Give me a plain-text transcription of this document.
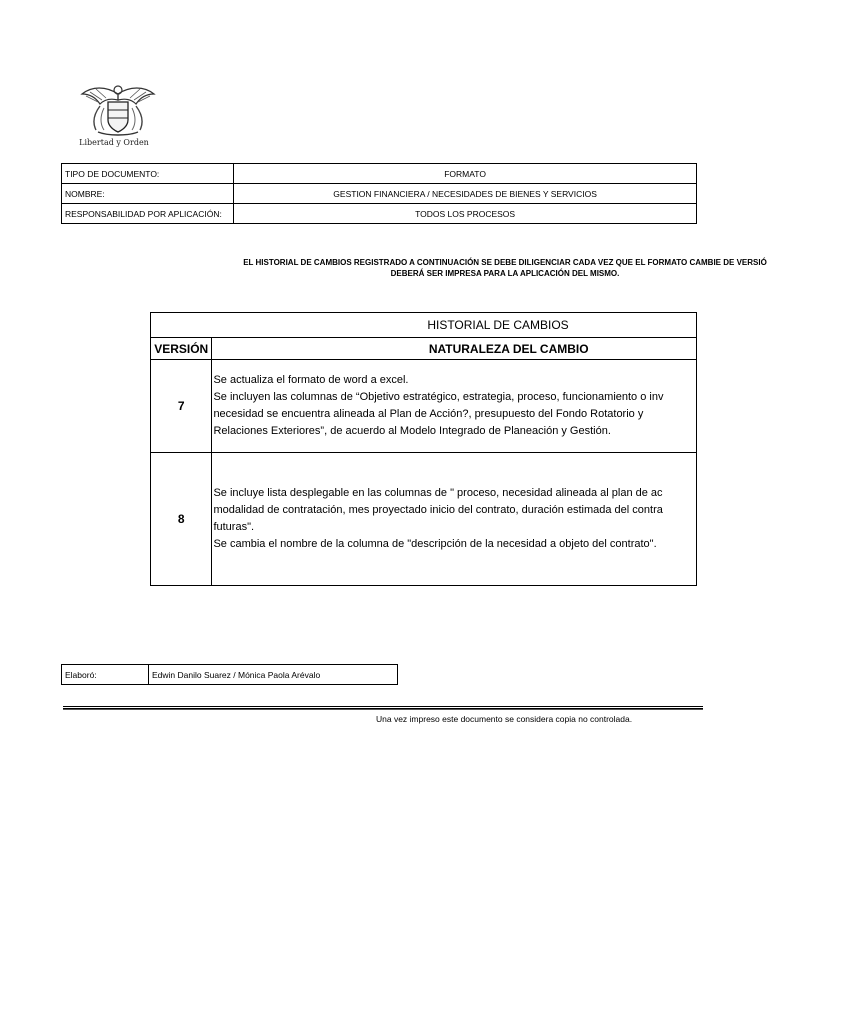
Libertad y Orden
TIPO DE DOCUMENTO:	FORMATO
NOMBRE:	GESTION FINANCIERA / NECESIDADES DE BIENES Y SERVICIOS
RESPONSABILIDAD POR APLICACIÓN:	TODOS LOS PROCESOS
EL HISTORIAL DE CAMBIOS REGISTRADO A CONTINUACIÓN SE DEBE DILIGENCIAR CADA VEZ QUE EL FORMATO CAMBIE DE VERSIÓ
DEBERÁ SER IMPRESA PARA LA APLICACIÓN DEL MISMO.
HISTORIAL DE CAMBIOS	
VERSIÓN	NATURALEZA DEL CAMBIO
7	Se actualiza el formato de word a excel.
Se incluyen las columnas de “Objetivo estratégico, estrategia, proceso, funcionamiento o inv
necesidad se encuentra alineada al Plan de Acción?, presupuesto del Fondo Rotatorio y
Relaciones Exteriores”, de acuerdo al Modelo Integrado de Planeación y Gestión.

8	Se incluye lista desplegable en las columnas de " proceso, necesidad alineada al plan de ac
modalidad de contratación, mes proyectado inicio del contrato, duración estimada del contra
futuras".
Se cambia el nombre de la columna de "descripción de la necesidad a objeto del contrato".
Elaboró:	Edwin Danilo Suarez / Mónica Paola Arévalo
Una vez impreso este documento se considera copia no controlada.
